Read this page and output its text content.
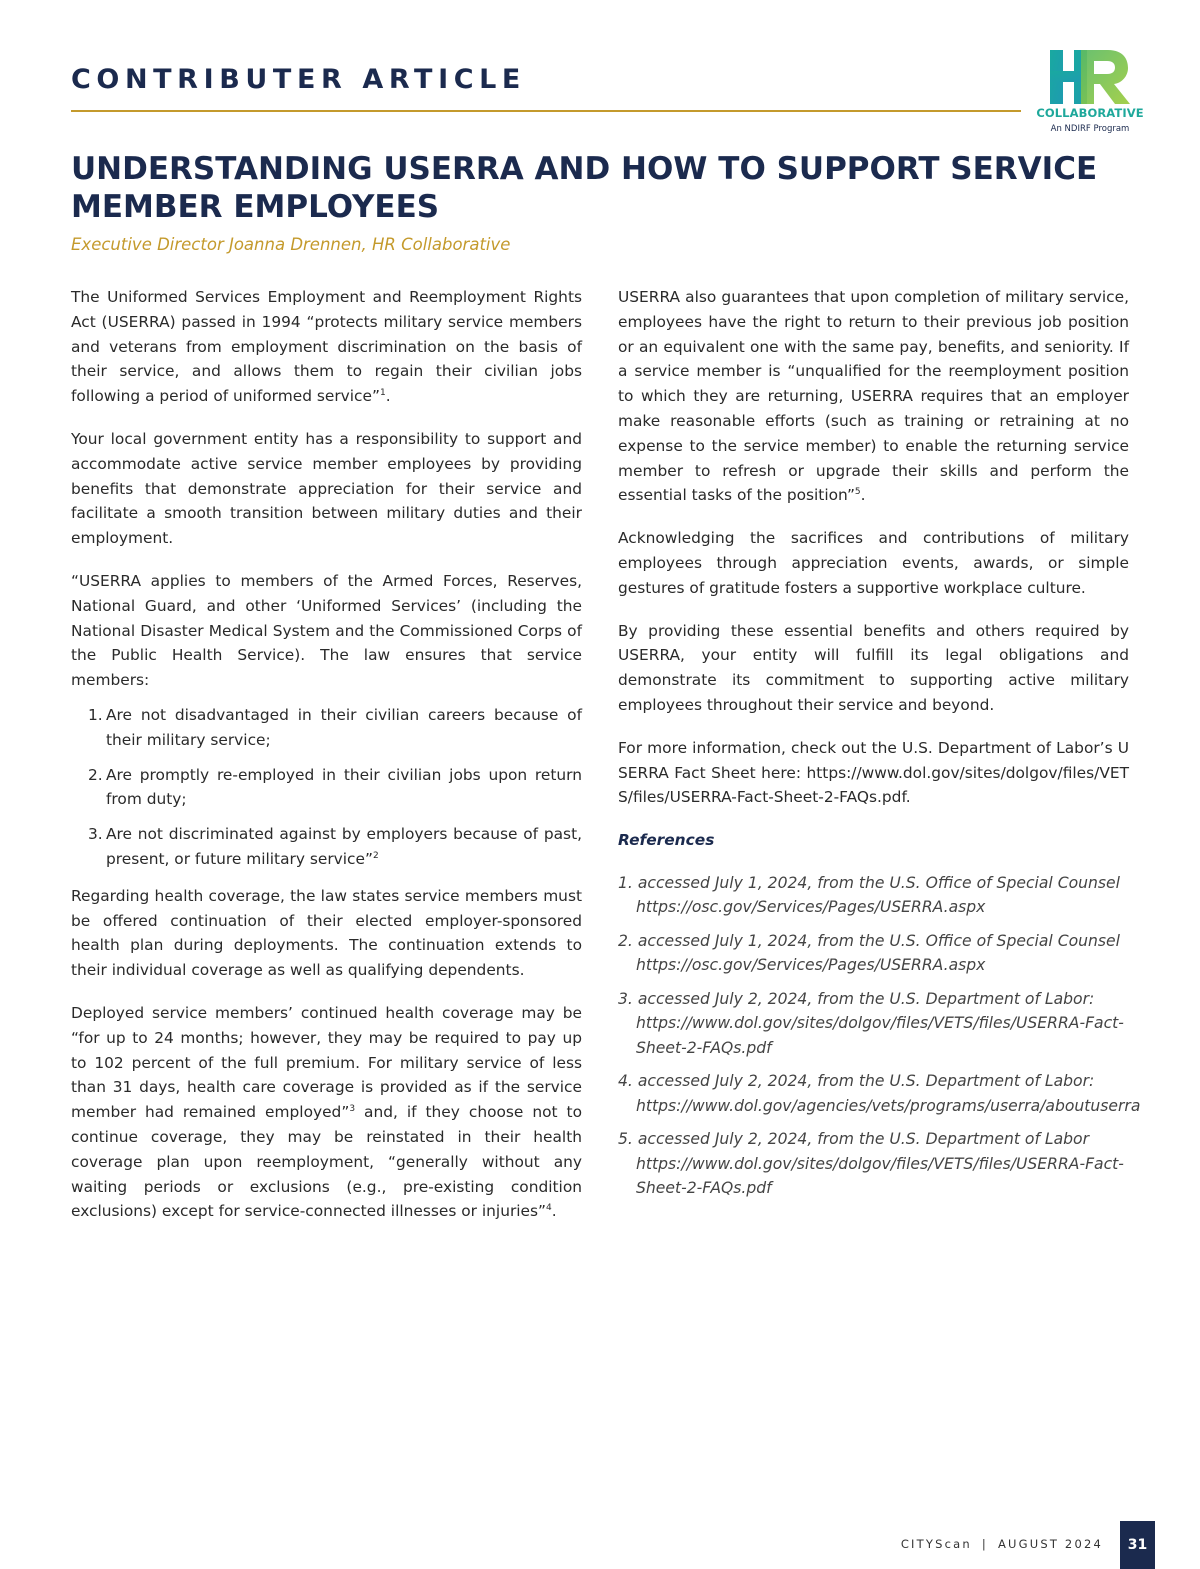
CONTRIBUTER ARTICLE
COLLABORATIVE
An NDIRF Program
UNDERSTANDING USERRA AND HOW TO SUPPORT SERVICE MEMBER EMPLOYEES

Executive Director Joanna Drennen, HR Collaborative

The Uniformed Services Employment and Reemployment Rights Act (USERRA) passed in 1994 “protects military service members and veterans from employment discrimination on the basis of their service, and allows them to regain their civilian jobs following a period of uniformed service”$^1$.

Your local government entity has a responsibility to support and accommodate active service member employees by providing benefits that demonstrate appreciation for their service and facilitate a smooth transition between military duties and their employment.

“USERRA applies to members of the Armed Forces, Reserves, National Guard, and other ‘Uniformed Services’ (including the National Disaster Medical System and the Commissioned Corps of the Public Health Service). The law ensures that service members:

1. Are not disadvantaged in their civilian careers because of their military service;
2. Are promptly re-employed in their civilian jobs upon return from duty;
3. Are not discriminated against by employers because of past, present, or future military service”$^2$

Regarding health coverage, the law states service members must be offered continuation of their elected employer-sponsored health plan during deployments. The continuation extends to their individual coverage as well as qualifying dependents.

Deployed service members’ continued health coverage may be “for up to 24 months; however, they may be required to pay up to 102 percent of the full premium. For military service of less than 31 days, health care coverage is provided as if the service member had remained employed”$^3$ and, if they choose not to continue coverage, they may be reinstated in their health coverage plan upon reemployment, “generally without any waiting periods or exclusions (e.g., pre-existing condition exclusions) except for service-connected illnesses or injuries”$^4$.

USERRA also guarantees that upon completion of military service, employees have the right to return to their previous job position or an equivalent one with the same pay, benefits, and seniority. If a service member is “unqualified for the reemployment position to which they are returning, USERRA requires that an employer make reasonable efforts (such as training or retraining at no expense to the service member) to enable the returning service member to refresh or upgrade their skills and perform the essential tasks of the position”$^5$.

Acknowledging the sacrifices and contributions of military employees through appreciation events, awards, or simple gestures of gratitude fosters a supportive workplace culture.

By providing these essential benefits and others required by USERRA, your entity will fulfill its legal obligations and demonstrate its commitment to supporting active military employees throughout their service and beyond.

For more information, check out the U.S. Department of Labor’s USERRA Fact Sheet here: https://www.dol.gov/sites/dolgov/files/VETS/files/USERRA-Fact-Sheet-2-FAQs.pdf.

References

1. accessed July 1, 2024, from the U.S. Office of Special Counsel https://osc.gov/Services/Pages/USERRA.aspx
2. accessed July 1, 2024, from the U.S. Office of Special Counsel https://osc.gov/Services/Pages/USERRA.aspx
3. accessed July 2, 2024, from the U.S. Department of Labor: https://www.dol.gov/sites/dolgov/files/VETS/files/USERRA-Fact-Sheet-2-FAQs.pdf
4. accessed July 2, 2024, from the U.S. Department of Labor: https://www.dol.gov/agencies/vets/programs/userra/aboutuserra
5. accessed July 2, 2024, from the U.S. Department of Labor https://www.dol.gov/sites/dolgov/files/VETS/files/USERRA-Fact-Sheet-2-FAQs.pdf
CITYScan | AUGUST 2024	31
